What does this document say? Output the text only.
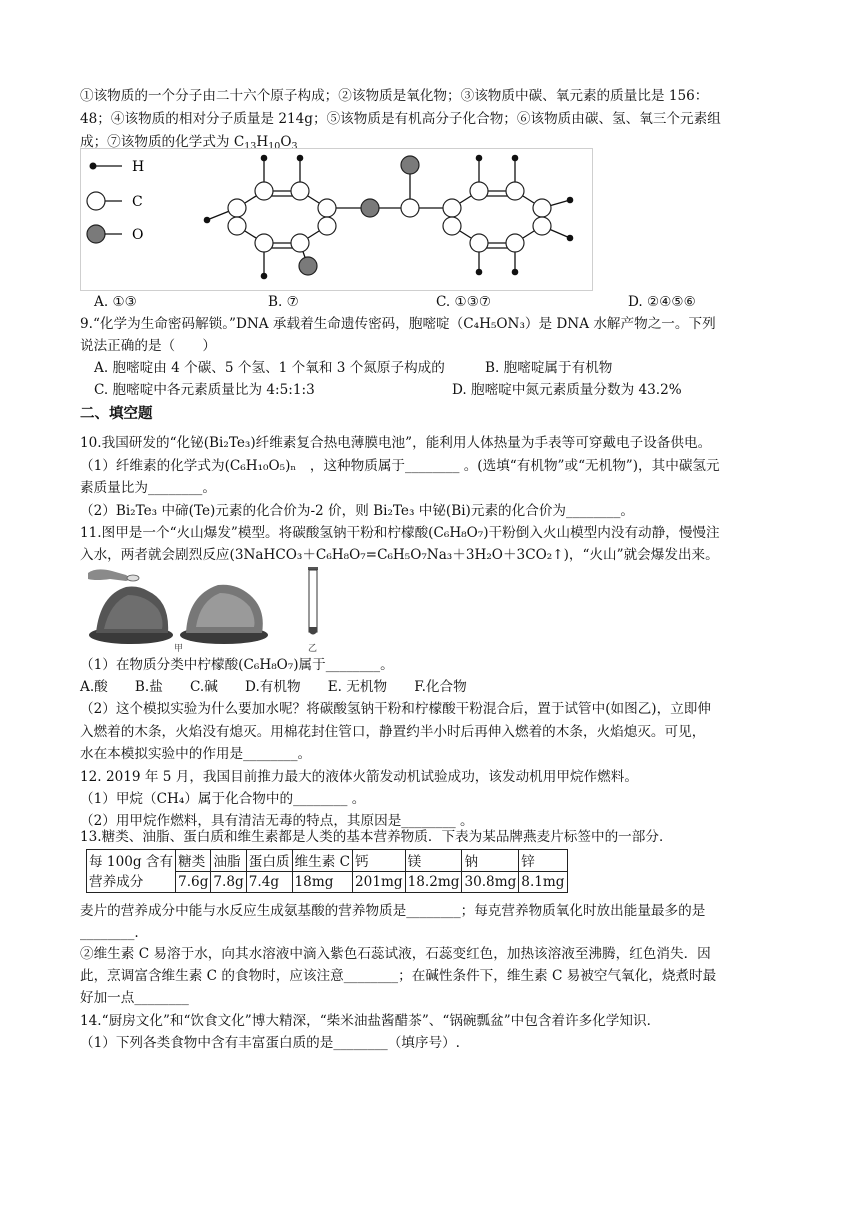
①该物质的一个分子由二十六个原子构成；②该物质是氧化物；③该物质中碳、氧元素的质量比是 156：
48；④该物质的相对分子质量是 214g；⑤该物质是有机高分子化合物；⑥该物质由碳、氢、氧三个元素组
成；⑦该物质的化学式为 $C_{13}H_{10}O_3$
H
C
O
A. ①③	B. ⑦	C. ①③⑦	D. ②④⑤⑥
9.“化学为生命密码解锁。”DNA 承载着生命遗传密码，胞嘧啶（C₄H₅ON₃）是 DNA 水解产物之一。下列
说法正确的是（　　）
A. 胞嘧啶由 4 个碳、5 个氢、1 个氧和 3 个氮原子构成的	B. 胞嘧啶属于有机物
C. 胞嘧啶中各元素质量比为 4:5:1:3	D. 胞嘧啶中氮元素质量分数为 43.2%
二、填空题
10.我国研发的“化铋(Bi₂Te₃)纤维素复合热电薄膜电池”，能利用人体热量为手表等可穿戴电子设备供电。
（1）纤维素的化学式为(C₆H₁₀O₅)ₙ　，这种物质属于________ 。(选填“有机物”或“无机物”)，其中碳氢元
素质量比为________。
（2）Bi₂Te₃ 中碲(Te)元素的化合价为-2 价，则 Bi₂Te₃ 中铋(Bi)元素的化合价为________。
11.图甲是一个“火山爆发”模型。将碳酸氢钠干粉和柠檬酸(C₆H₈O₇)干粉倒入火山模型内没有动静，慢慢注
入水，两者就会剧烈反应(3NaHCO₃＋C₆H₈O₇=C₆H₅O₇Na₃＋3H₂O＋3CO₂↑)，“火山”就会爆发出来。
甲	乙
（1）在物质分类中柠檬酸(C₆H₈O₇)属于________。
A.酸　　B.盐　　C.碱　　D.有机物　　E. 无机物　　F.化合物
（2）这个模拟实验为什么要加水呢？将碳酸氢钠干粉和柠檬酸干粉混合后，置于试管中(如图乙)，立即伸
入燃着的木条，火焰没有熄灭。用棉花封住管口，静置约半小时后再伸入燃着的木条，火焰熄灭。可见，
水在本模拟实验中的作用是________。
12. 2019 年 5 月，我国目前推力最大的液体火箭发动机试验成功，该发动机用甲烷作燃料。
（1）甲烷（CH₄）属于化合物中的________ 。
（2）用甲烷作燃料，具有清洁无毒的特点，其原因是________ 。
13.糖类、油脂、蛋白质和维生素都是人类的基本营养物质．下表为某品牌燕麦片标签中的一部分．
每 100g 含有
营养成分	糖类	油脂	蛋白质	维生素 C	钙	镁	钠	锌
	7.6g	7.8g	7.4g	18mg	201mg	18.2mg	30.8mg	8.1mg
麦片的营养成分中能与水反应生成氨基酸的营养物质是________；每克营养物质氧化时放出能量最多的是
________.
②维生素 C 易溶于水，向其水溶液中滴入紫色石蕊试液，石蕊变红色，加热该溶液至沸腾，红色消失．因
此，烹调富含维生素 C 的食物时，应该注意________；在碱性条件下，维生素 C 易被空气氧化，烧煮时最
好加一点________
14.“厨房文化”和“饮食文化”博大精深，“柴米油盐酱醋茶”、“锅碗瓢盆”中包含着许多化学知识．
（1）下列各类食物中含有丰富蛋白质的是________（填序号）.
